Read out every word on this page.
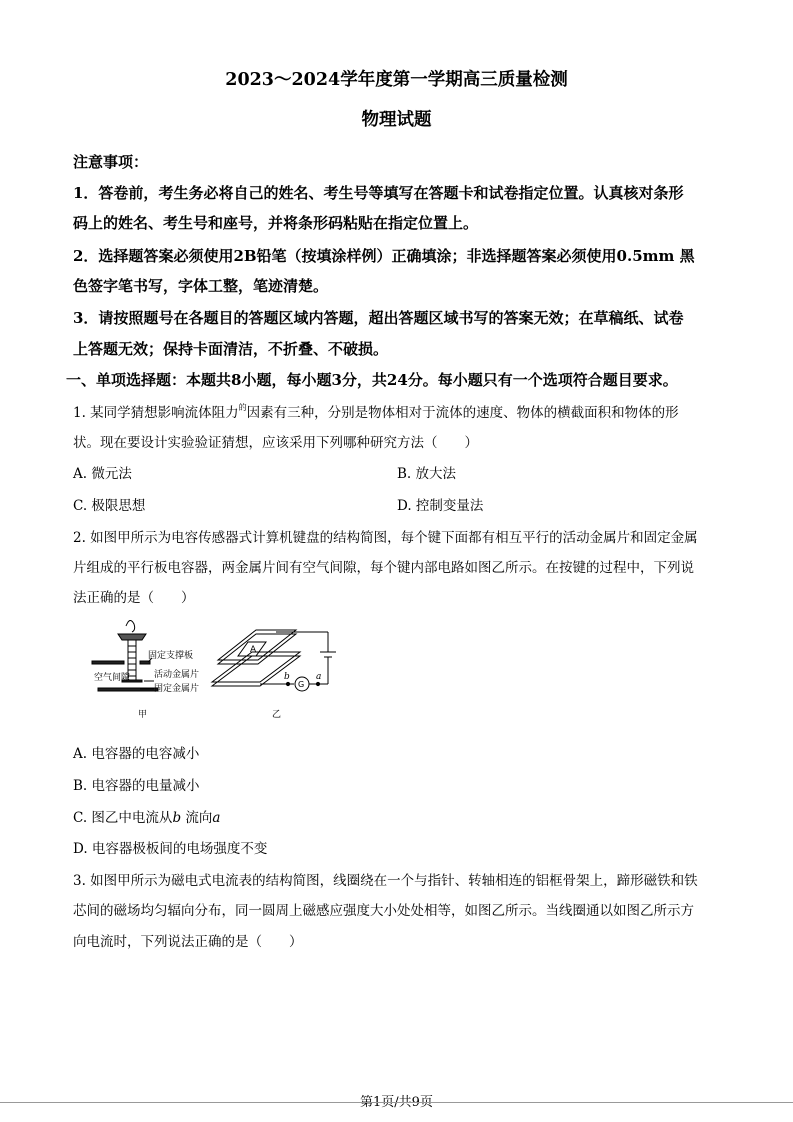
2023～2024学年度第一学期高三质量检测
物理试题
注意事项：
1．答卷前，考生务必将自己的姓名、考生号等填写在答题卡和试卷指定位置。认真核对条形
码上的姓名、考生号和座号，并将条形码粘贴在指定位置上。
2．选择题答案必须使用2B铅笔（按填涂样例）正确填涂；非选择题答案必须使用0.5mm 黑
色签字笔书写，字体工整，笔迹清楚。
3．请按照题号在各题目的答题区域内答题，超出答题区域书写的答案无效；在草稿纸、试卷
上答题无效；保持卡面清洁，不折叠、不破损。
一、单项选择题：本题共8小题，每小题3分，共24分。每小题只有一个选项符合题目要求。
1. 某同学猜想影响流体阻力$^的$因素有三种，分别是物体相对于流体的速度、物体的横截面积和物体的形
状。现在要设计实验验证猜想，应该采用下列哪种研究方法（　　）
A. 微元法	B. 放大法
C. 极限思想	D. 控制变量法
2. 如图甲所示为电容传感器式计算机键盘的结构简图，每个键下面都有相互平行的活动金属片和固定金属
片组成的平行板电容器，两金属片间有空气间隙，每个键内部电路如图乙所示。在按键的过程中，下列说
法正确的是（　　）
固定支撑板
空气间隙	活动金属片
固定金属片
甲
A
b	a
G
乙
A. 电容器的电容减小
B. 电容器的电量减小
C. 图乙中电流从b 流向a
D. 电容器极板间的电场强度不变
3. 如图甲所示为磁电式电流表的结构简图，线圈绕在一个与指针、转轴相连的铝框骨架上，蹄形磁铁和铁
芯间的磁场均匀辐向分布，同一圆周上磁感应强度大小处处相等，如图乙所示。当线圈通以如图乙所示方
向电流时，下列说法正确的是（　　）
第1页/共9页
